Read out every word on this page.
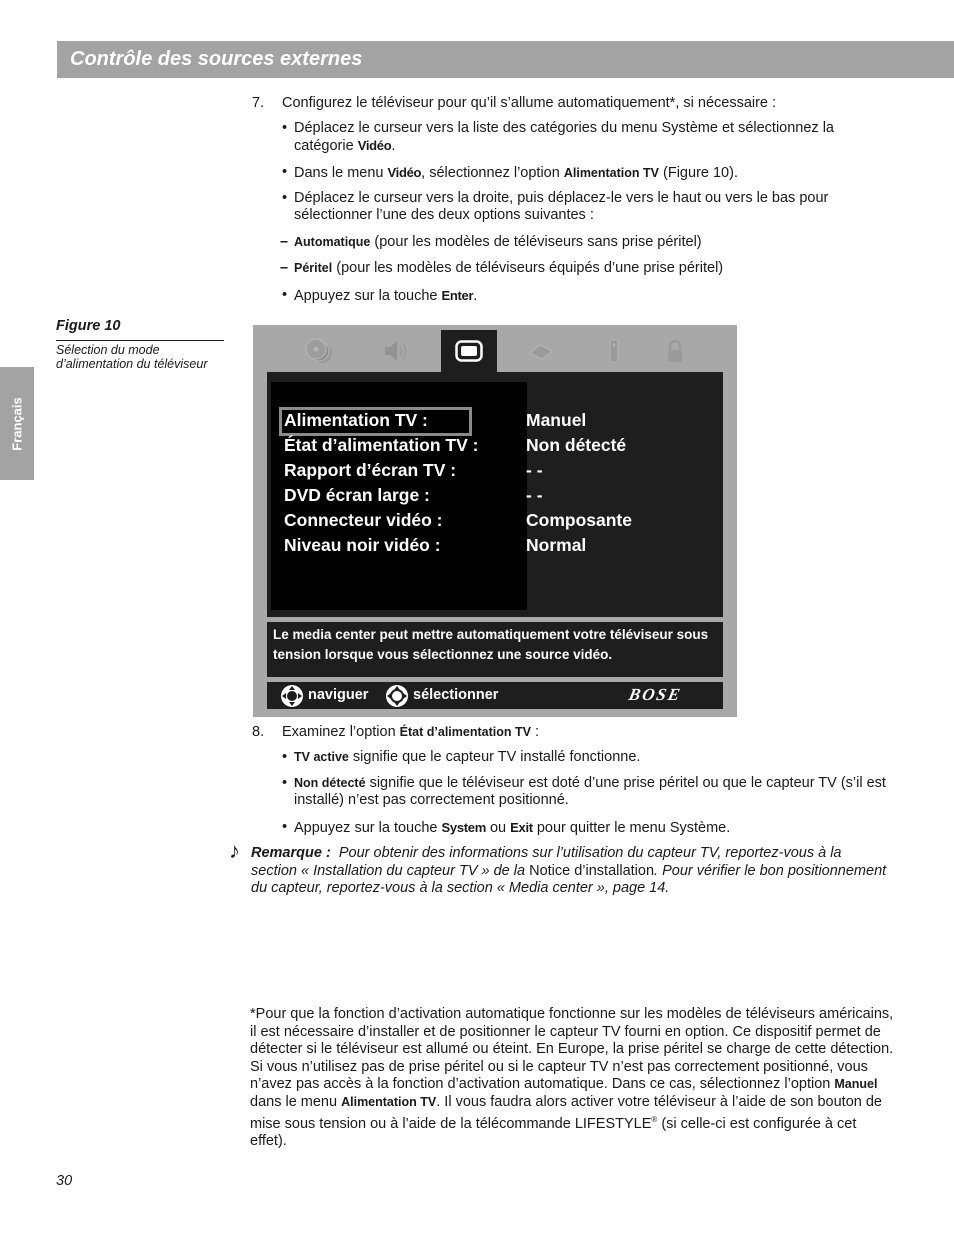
Contrôle des sources externes
Français
7. Configurez le téléviseur pour qu’il s’allume automatiquement*, si nécessaire :
• Déplacez le curseur vers la liste des catégories du menu Système et sélectionnez la catégorie Vidéo.
• Dans le menu Vidéo, sélectionnez l’option Alimentation TV (Figure 10).
• Déplacez le curseur vers la droite, puis déplacez-le vers le haut ou vers le bas pour sélectionner l’une des deux options suivantes :
– Automatique (pour les modèles de téléviseurs sans prise péritel)
– Péritel (pour les modèles de téléviseurs équipés d’une prise péritel)
• Appuyez sur la touche Enter.
Figure 10
Sélection du mode d’alimentation du téléviseur
Alimentation TV :	Manuel
État d’alimentation TV :	Non détecté
Rapport d’écran TV :	- -
DVD écran large :	- -
Connecteur vidéo :	Composante
Niveau noir vidéo :	Normal
Le media center peut mettre automatiquement votre téléviseur sous tension lorsque vous sélectionnez une source vidéo.
naviguer	sélectionner	BOSE
8. Examinez l’option État d’alimentation TV :
• TV active signifie que le capteur TV installé fonctionne.
• Non détecté signifie que le téléviseur est doté d’une prise péritel ou que le capteur TV (s’il est installé) n’est pas correctement positionné.
• Appuyez sur la touche System ou Exit pour quitter le menu Système.
♪ Remarque : Pour obtenir des informations sur l’utilisation du capteur TV, reportez-vous à la section « Installation du capteur TV » de la Notice d’installation. Pour vérifier le bon positionnement du capteur, reportez-vous à la section « Media center », page 14.
*Pour que la fonction d’activation automatique fonctionne sur les modèles de téléviseurs américains, il est nécessaire d’installer et de positionner le capteur TV fourni en option. Ce dispositif permet de détecter si le téléviseur est allumé ou éteint. En Europe, la prise péritel se charge de cette détection. Si vous n’utilisez pas de prise péritel ou si le capteur TV n’est pas correctement positionné, vous n’avez pas accès à la fonction d’activation automatique. Dans ce cas, sélectionnez l’option Manuel dans le menu Alimentation TV. Il vous faudra alors activer votre téléviseur à l’aide de son bouton de mise sous tension ou à l’aide de la télécommande LIFESTYLE® (si celle-ci est configurée à cet effet).
30
